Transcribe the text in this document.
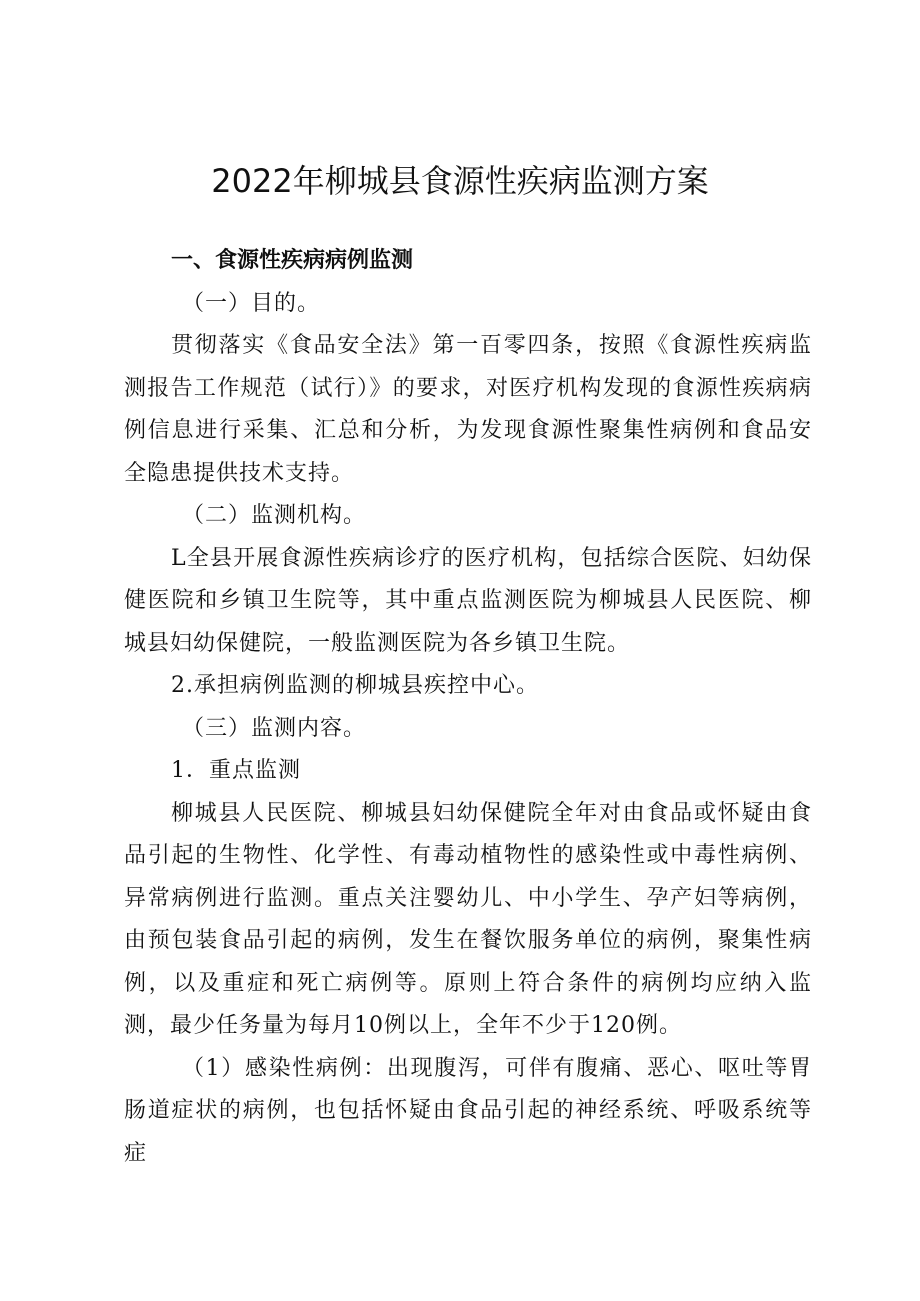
2022年柳城县食源性疾病监测方案

一、食源性疾病病例监测

（一）目的。

贯彻落实《食品安全法》第一百零四条，按照《食源性疾病监测报告工作规范（试行）》的要求，对医疗机构发现的食源性疾病病例信息进行采集、汇总和分析，为发现食源性聚集性病例和食品安全隐患提供技术支持。

（二）监测机构。

L全县开展食源性疾病诊疗的医疗机构，包括综合医院、妇幼保健医院和乡镇卫生院等，其中重点监测医院为柳城县人民医院、柳城县妇幼保健院，一般监测医院为各乡镇卫生院。

2.承担病例监测的柳城县疾控中心。

（三）监测内容。

1．重点监测

柳城县人民医院、柳城县妇幼保健院全年对由食品或怀疑由食品引起的生物性、化学性、有毒动植物性的感染性或中毒性病例、异常病例进行监测。重点关注婴幼儿、中小学生、孕产妇等病例，由预包装食品引起的病例，发生在餐饮服务单位的病例，聚集性病例，以及重症和死亡病例等。原则上符合条件的病例均应纳入监测，最少任务量为每月10例以上，全年不少于120例。

（1）感染性病例：出现腹泻，可伴有腹痛、恶心、呕吐等胃肠道症状的病例，也包括怀疑由食品引起的神经系统、呼吸系统等症
